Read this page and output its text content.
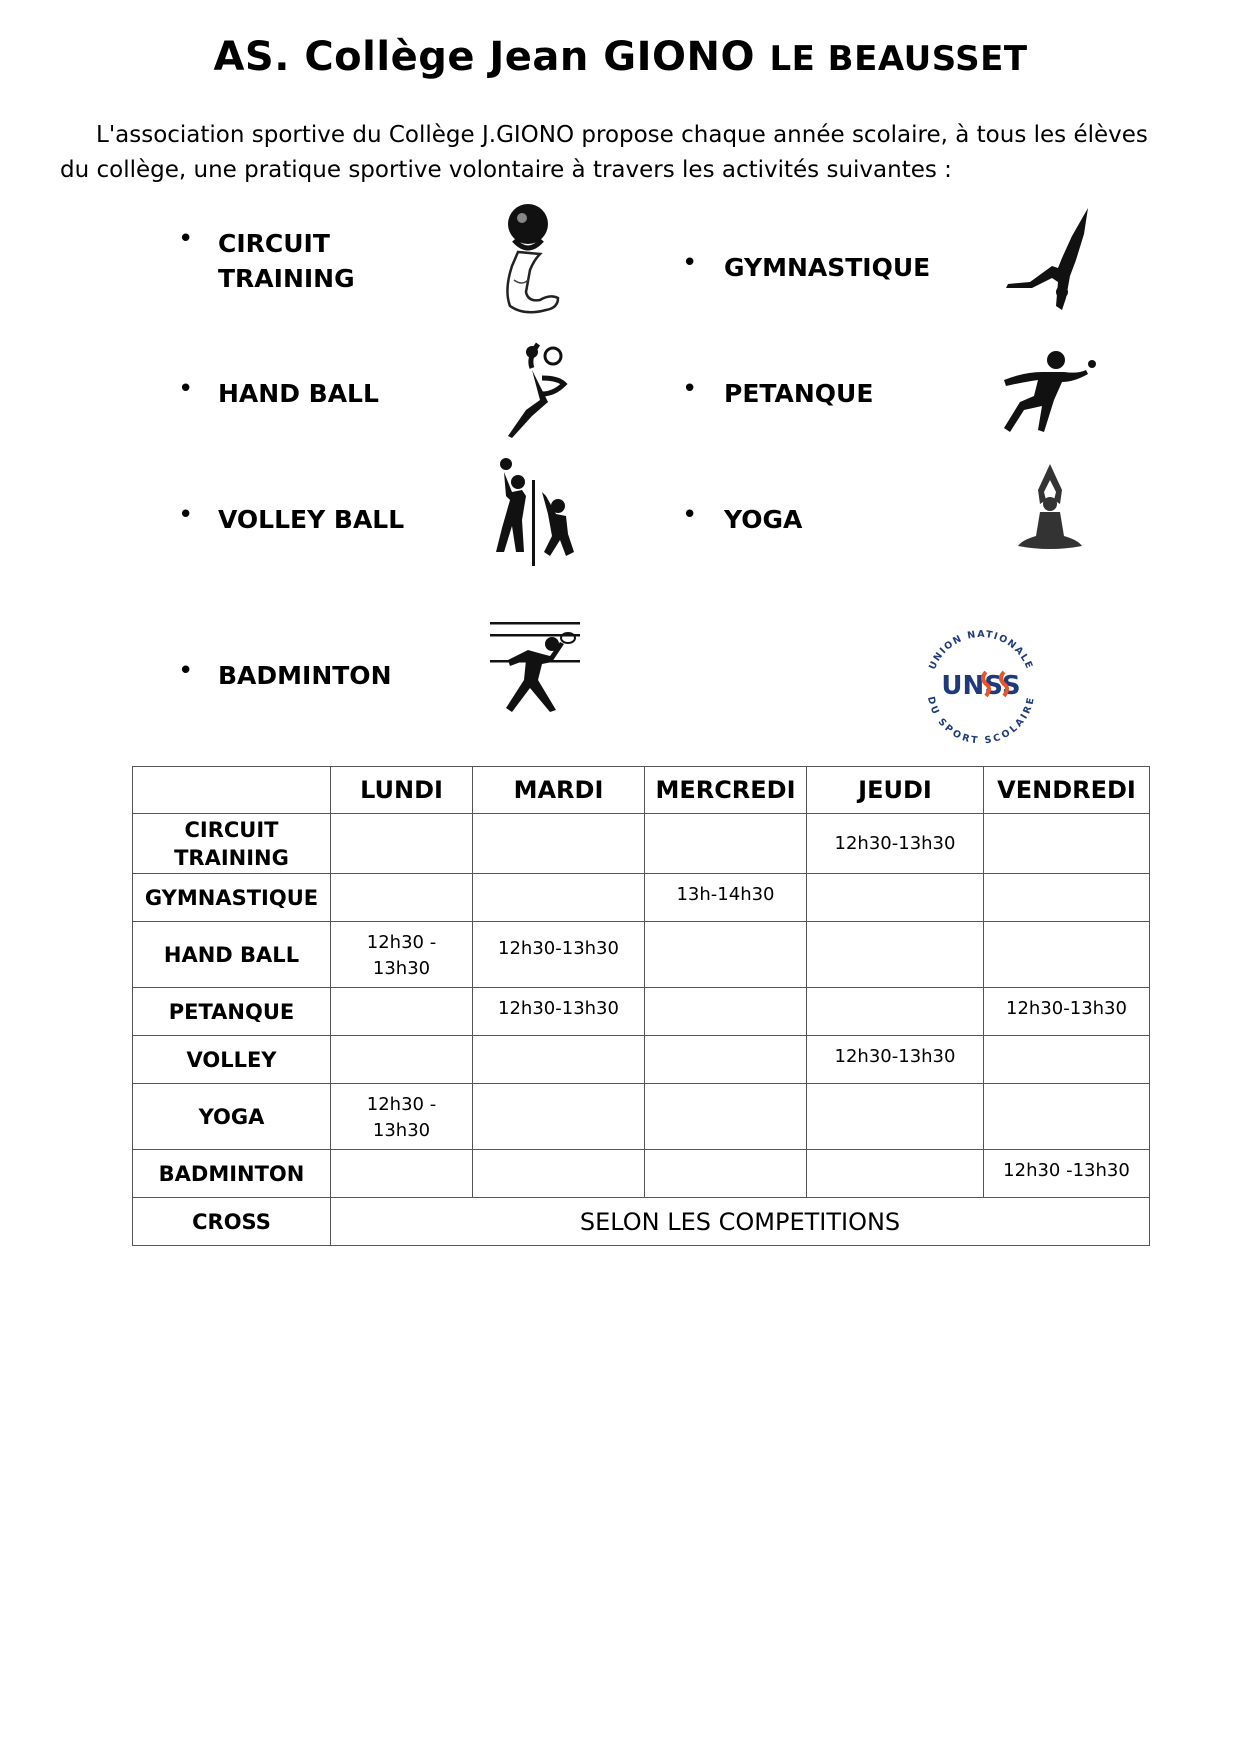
AS. Collège Jean GIONO LE BEAUSSET
L'association sportive du Collège J.GIONO propose chaque année scolaire, à tous les élèves
du collège, une pratique sportive volontaire à travers les activités suivantes :
• CIRCUIT
TRAINING
• HAND BALL
• VOLLEY BALL
• BADMINTON
• GYMNASTIQUE
• PETANQUE
• YOGA
UNION NATIONALE
DU SPORT SCOLAIRE
UNSS
	LUNDI	MARDI	MERCREDI	JEUDI	VENDREDI

CIRCUIT
TRAINING				12h30-13h30	
GYMNASTIQUE			13h-14h30		
HAND BALL	12h30 -
13h30	12h30-13h30			
PETANQUE		12h30-13h30			12h30-13h30
VOLLEY				12h30-13h30	
YOGA	12h30 -
13h30				

BADMINTON					12h30 -13h30
CROSS	SELON LES COMPETITIONS				
